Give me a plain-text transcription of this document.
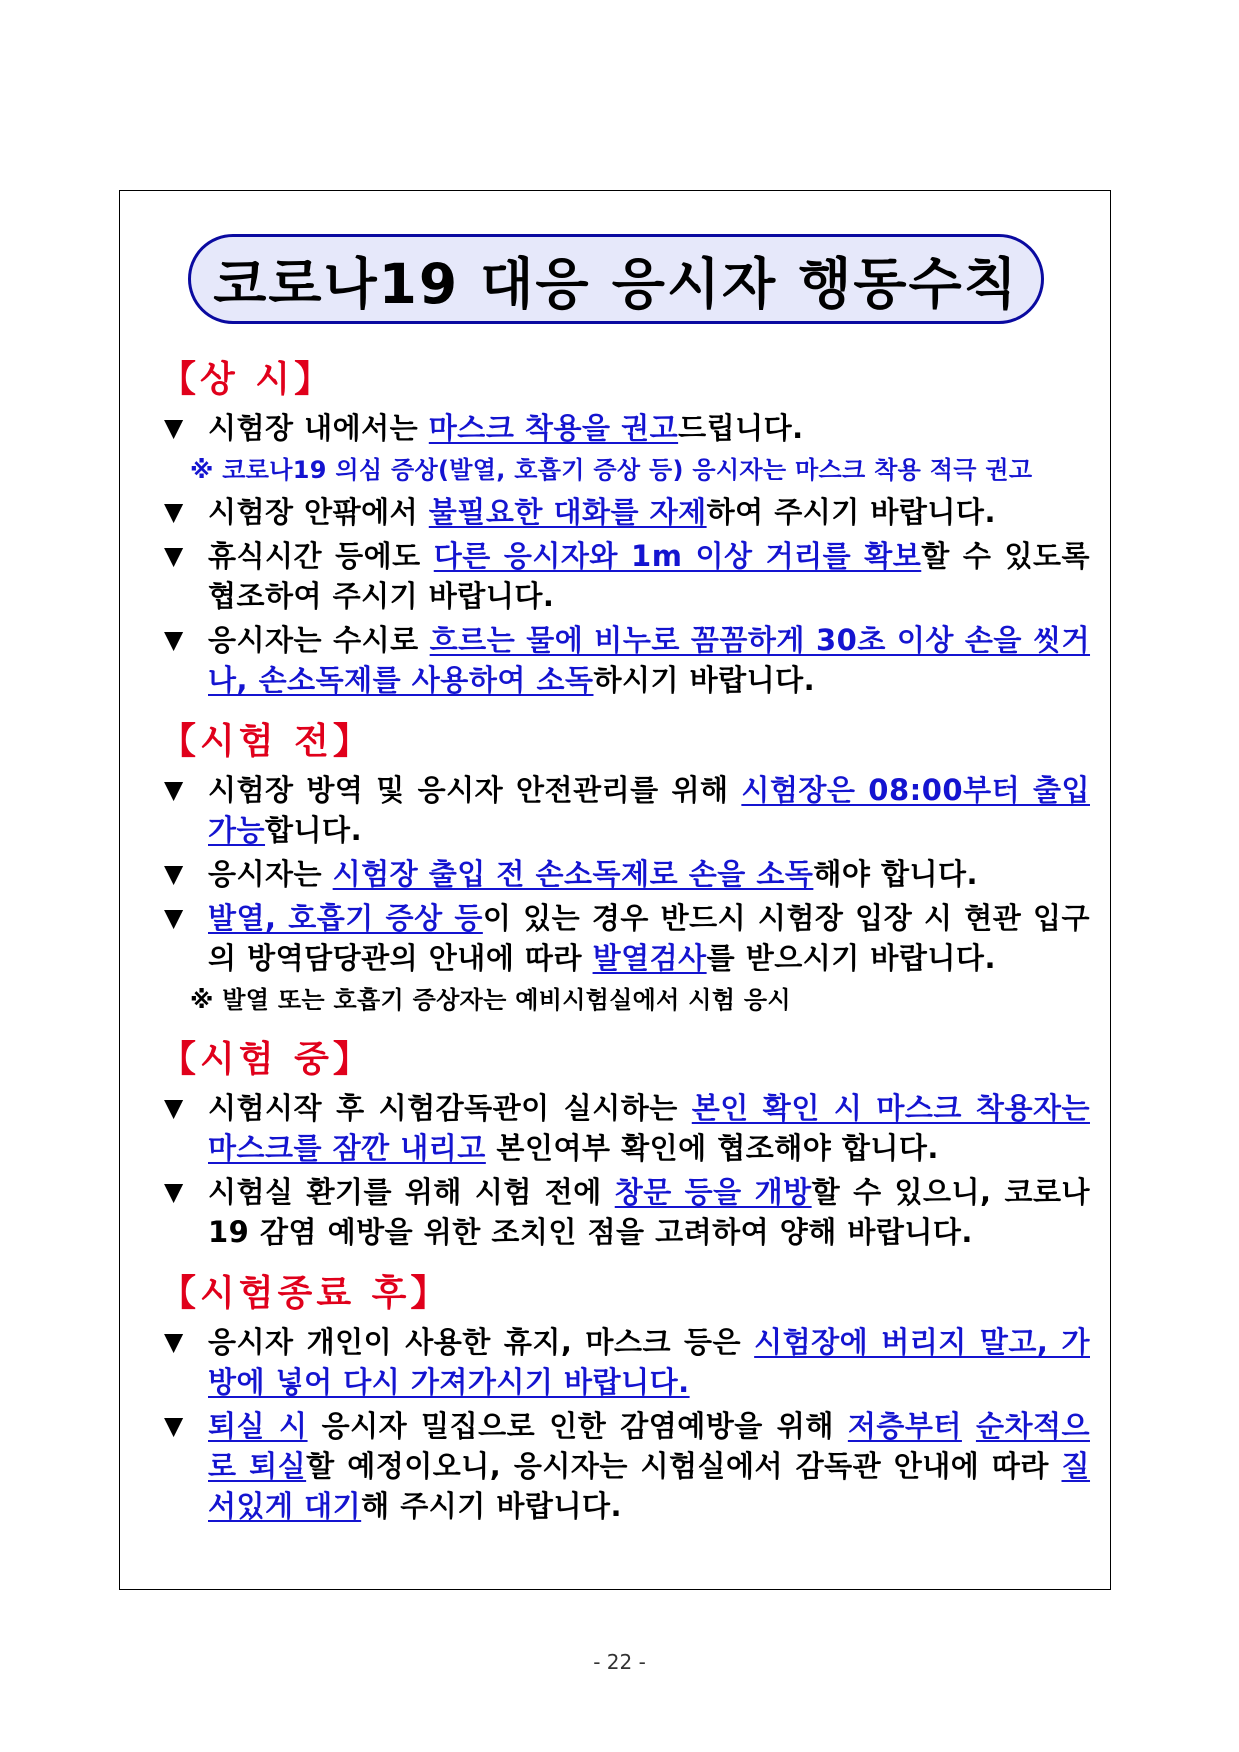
코로나19 대응 응시자 행동수칙
【상 시】
▼ 시험장 내에서는 마스크 착용을 권고드립니다.
※ 코로나19 의심 증상(발열, 호흡기 증상 등) 응시자는 마스크 착용 적극 권고
▼ 시험장 안팎에서 불필요한 대화를 자제하여 주시기 바랍니다.
▼ 휴식시간 등에도 다른 응시자와 1m 이상 거리를 확보할 수 있도록 협조하여 주시기 바랍니다.
▼ 응시자는 수시로 흐르는 물에 비누로 꼼꼼하게 30초 이상 손을 씻거나, 손소독제를 사용하여 소독하시기 바랍니다.
【시험 전】
▼ 시험장 방역 및 응시자 안전관리를 위해 시험장은 08:00부터 출입 가능합니다.
▼ 응시자는 시험장 출입 전 손소독제로 손을 소독해야 합니다.
▼ 발열, 호흡기 증상 등이 있는 경우 반드시 시험장 입장 시 현관 입구의 방역담당관의 안내에 따라 발열검사를 받으시기 바랍니다.
※ 발열 또는 호흡기 증상자는 예비시험실에서 시험 응시
【시험 중】
▼ 시험시작 후 시험감독관이 실시하는 본인 확인 시 마스크 착용자는 마스크를 잠깐 내리고 본인여부 확인에 협조해야 합니다.
▼ 시험실 환기를 위해 시험 전에 창문 등을 개방할 수 있으니, 코로나19 감염 예방을 위한 조치인 점을 고려하여 양해 바랍니다.
【시험종료 후】
▼ 응시자 개인이 사용한 휴지, 마스크 등은 시험장에 버리지 말고, 가방에 넣어 다시 가져가시기 바랍니다.
▼ 퇴실 시 응시자 밀집으로 인한 감염예방을 위해 저층부터 순차적으로 퇴실할 예정이오니, 응시자는 시험실에서 감독관 안내에 따라 질서있게 대기해 주시기 바랍니다.
- 22 -
